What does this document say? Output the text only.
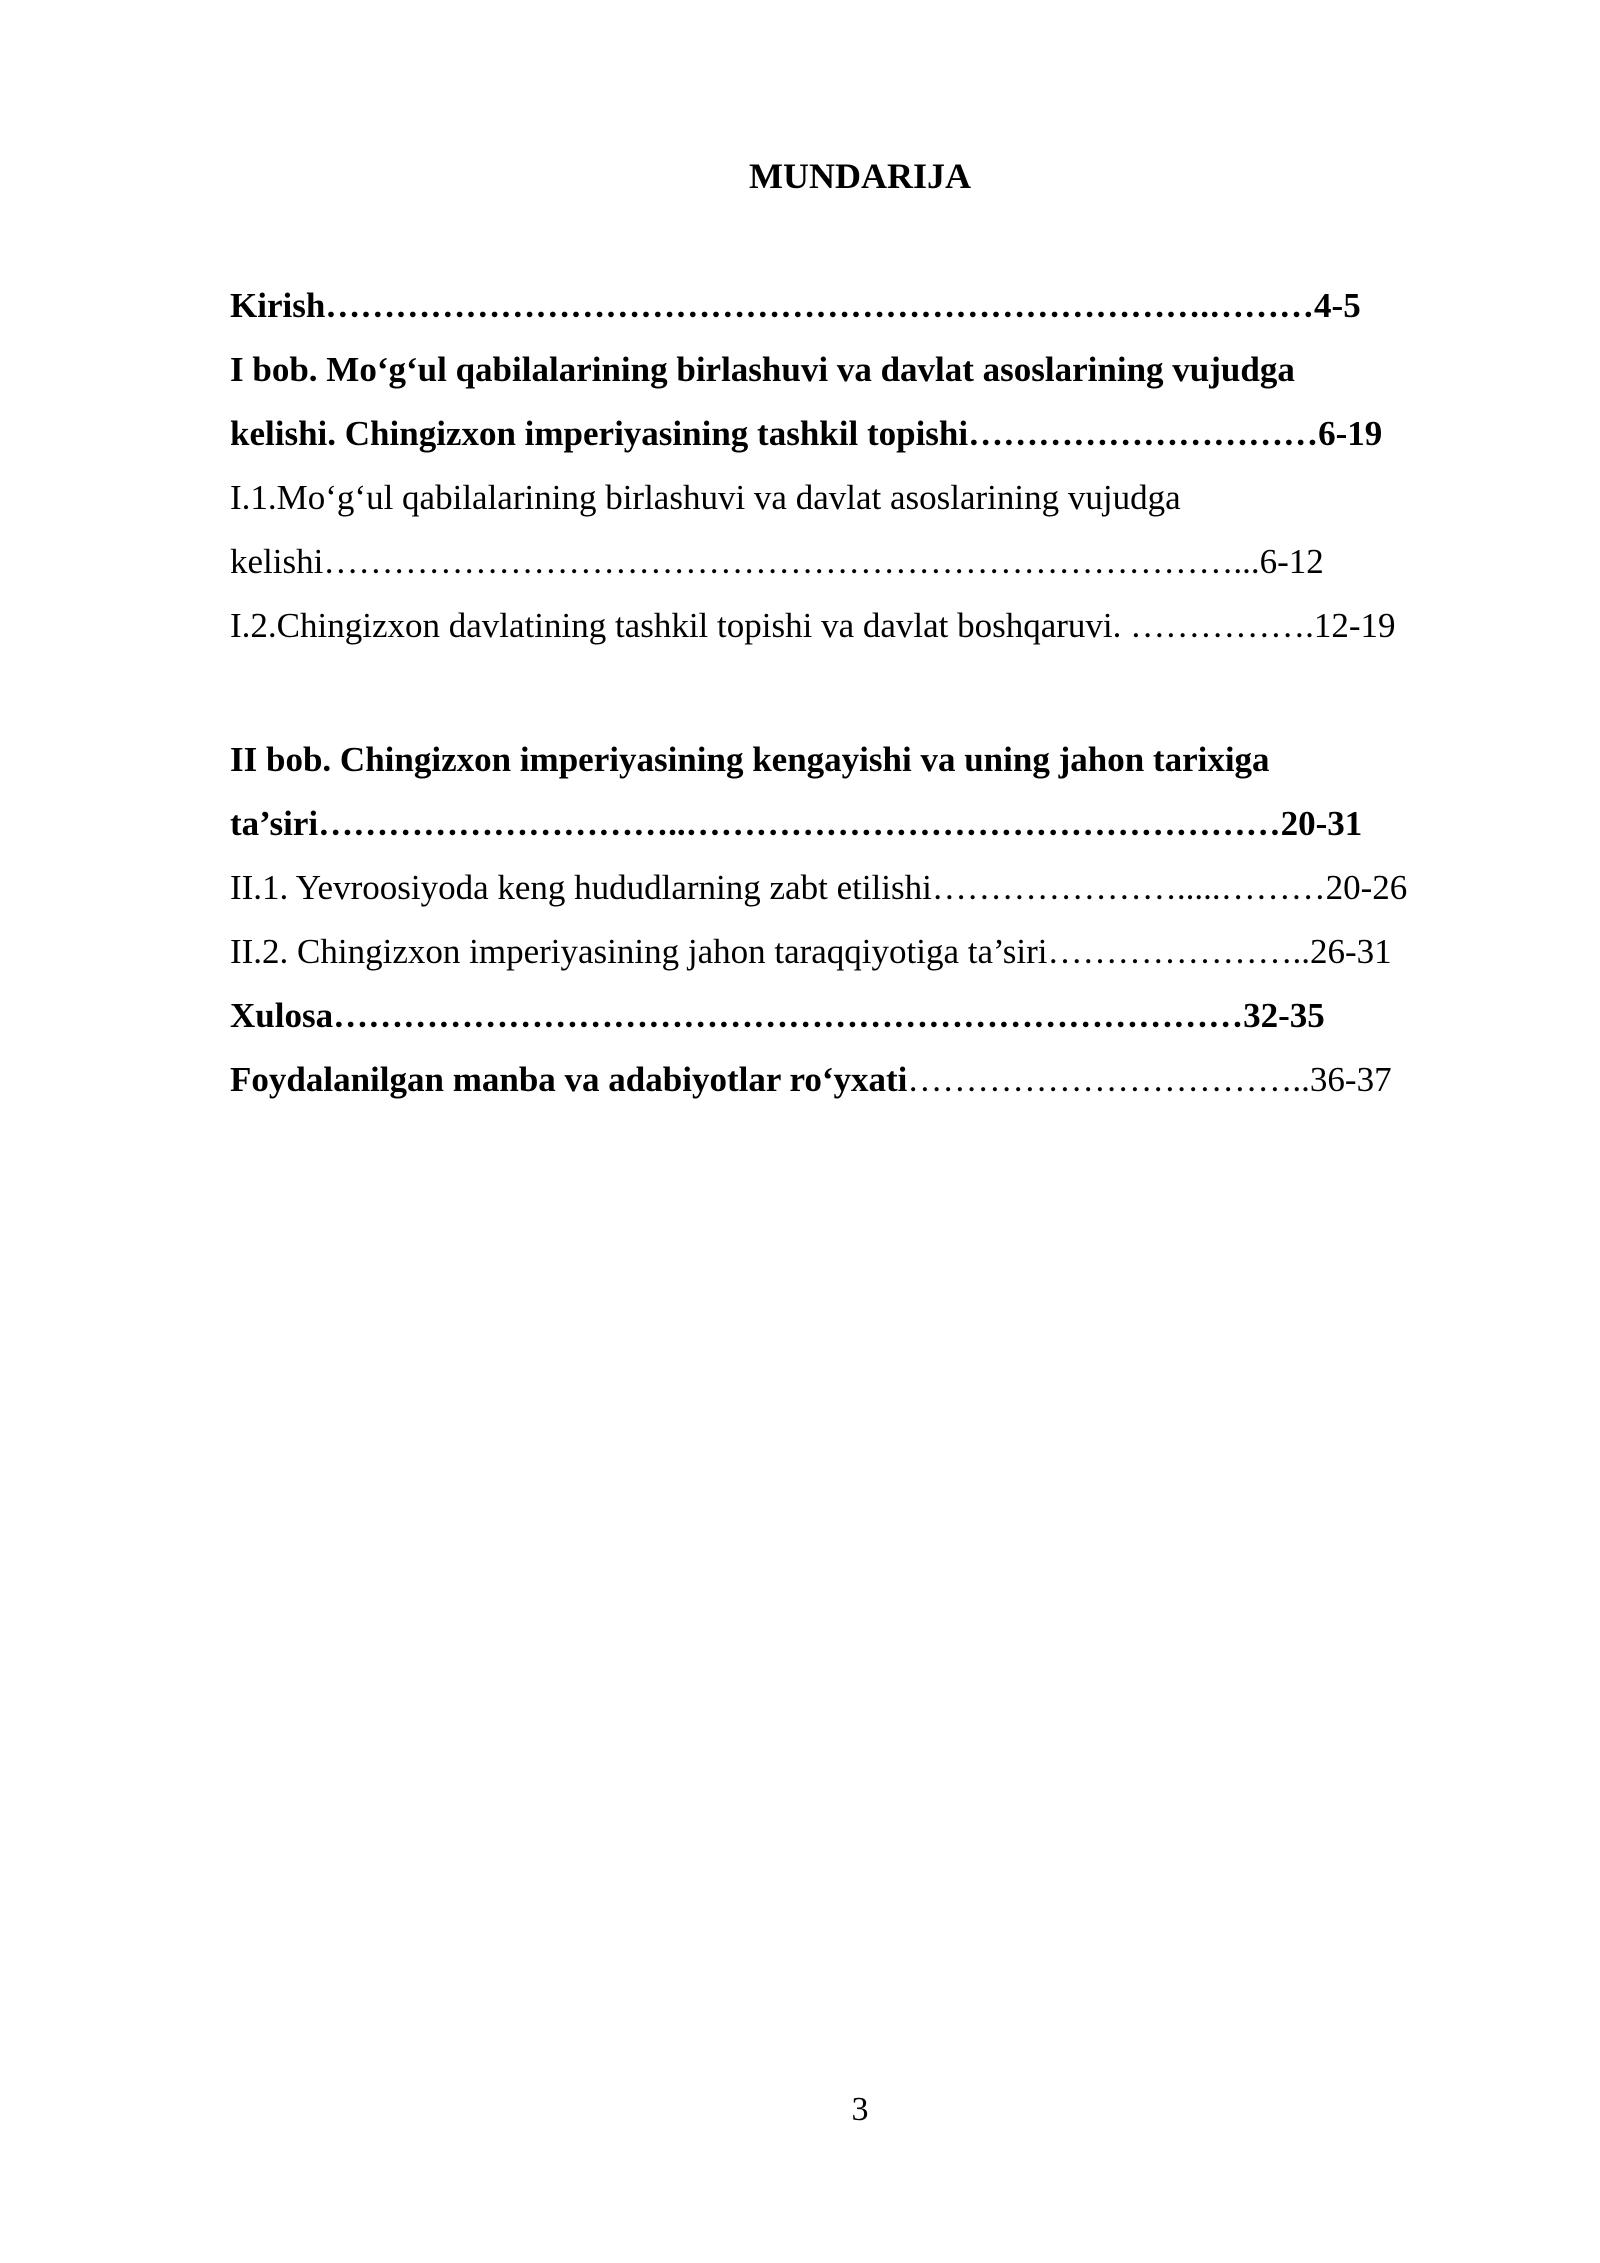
MUNDARIJA
Kirish………………………………………………………………….………4-5
I bob. Mo‘g‘ul qabilalarining birlashuvi va davlat asoslarining vujudga
kelishi. Chingizxon imperiyasining tashkil topishi…………………………6-19
I.1.Mo‘g‘ul qabilalarining birlashuvi va davlat asoslarining vujudga
kelishi……………………………………………………………………...6-12
I.2.Chingizxon davlatining tashkil topishi va davlat boshqaruvi. …………….12-19
II bob. Chingizxon imperiyasining kengayishi va uning jahon tarixiga
ta’siri…………………………..……………………………………………20-31
II.1. Yevroosiyoda keng hududlarning zabt etilishi………………….....………20-26
II.2. Chingizxon imperiyasining jahon taraqqiyotiga ta’siri…………………..26-31
Xulosa……………………………………………………………………32-35
Foydalanilgan manba va adabiyotlar ro‘yxati……………………………..36-37
3
